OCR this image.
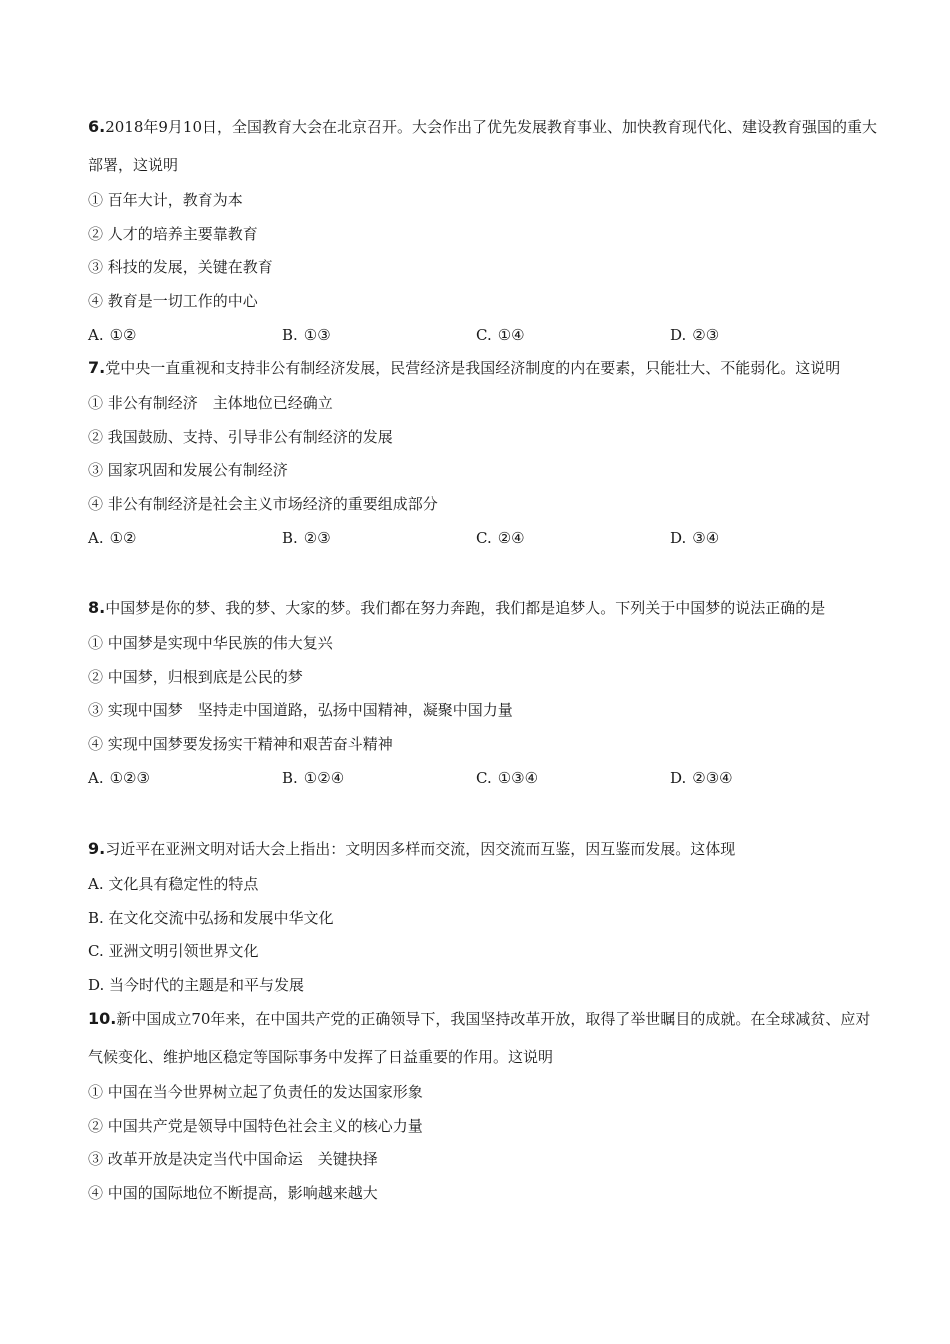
6.2018年9月10日，全国教育大会在北京召开。大会作出了优先发展教育事业、加快教育现代化、建设教育强国的重大部署，这说明

① 百年大计，教育为本

② 人才的培养主要靠教育

③ 科技的发展，关键在教育

④ 教育是一切工作的中心

A. ①②	B. ①③	C. ①④	D. ②③

7.党中央一直重视和支持非公有制经济发展，民营经济是我国经济制度的内在要素，只能壮大、不能弱化。这说明

① 非公有制经济　主体地位已经确立

② 我国鼓励、支持、引导非公有制经济的发展

③ 国家巩固和发展公有制经济

④ 非公有制经济是社会主义市场经济的重要组成部分

A. ①②	B. ②③	C. ②④	D. ③④

8.中国梦是你的梦、我的梦、大家的梦。我们都在努力奔跑，我们都是追梦人。下列关于中国梦的说法正确的是

① 中国梦是实现中华民族的伟大复兴

② 中国梦，归根到底是公民的梦

③ 实现中国梦　坚持走中国道路，弘扬中国精神，凝聚中国力量

④ 实现中国梦要发扬实干精神和艰苦奋斗精神

A. ①②③	B. ①②④	C. ①③④	D. ②③④

9.习近平在亚洲文明对话大会上指出：文明因多样而交流，因交流而互鉴，因互鉴而发展。这体现

A. 文化具有稳定性的特点

B. 在文化交流中弘扬和发展中华文化

C. 亚洲文明引领世界文化

D. 当今时代的主题是和平与发展

10.新中国成立70年来，在中国共产党的正确领导下，我国坚持改革开放，取得了举世瞩目的成就。在全球减贫、应对气候变化、维护地区稳定等国际事务中发挥了日益重要的作用。这说明

① 中国在当今世界树立起了负责任的发达国家形象

② 中国共产党是领导中国特色社会主义的核心力量

③ 改革开放是决定当代中国命运　关键抉择

④ 中国的国际地位不断提高，影响越来越大
